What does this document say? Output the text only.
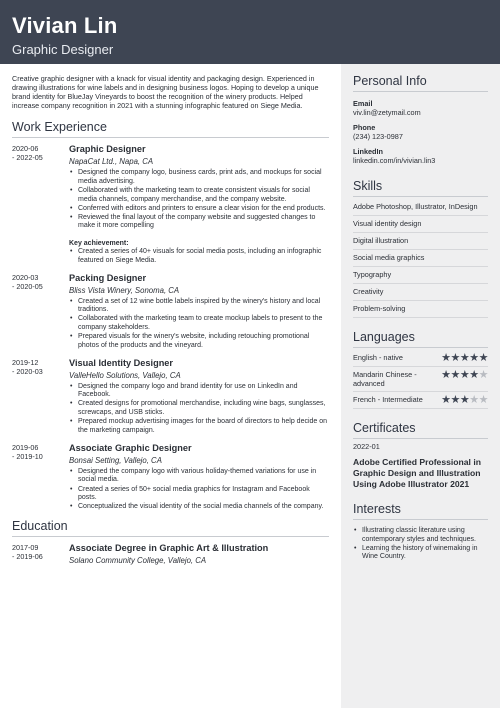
Vivian Lin
Graphic Designer

Creative graphic designer with a knack for visual identity and packaging design. Experienced in drawing illustrations for wine labels and in designing business logos. Hoping to develop a unique brand identity for BlueJay Vineyards to boost the recognition of the winery products. Helped increase company recognition in 2021 with a stunning infographic featured on Siege Media.

Work Experience
2020-06
- 2022-05
Graphic Designer
NapaCat Ltd., Napa, CA
• Designed the company logo, business cards, print ads, and mockups for social media advertising.
• Collaborated with the marketing team to create consistent visuals for social media channels, company merchandise, and the company website.
• Conferred with editors and printers to ensure a clear vision for the end products.
• Reviewed the final layout of the company website and suggested changes to make it more compelling
Key achievement:
• Created a series of 40+ visuals for social media posts, including an infographic featured on Siege Media.
2020-03
- 2020-05
Packing Designer
Bliss Vista Winery, Sonoma, CA
• Created a set of 12 wine bottle labels inspired by the winery's history and local traditions.
• Collaborated with the marketing team to create mockup labels to present to the company stakeholders.
• Prepared visuals for the winery's website, including retouching promotional photos of the products and the vineyard.
2019-12
- 2020-03
Visual Identity Designer
ValleHello Solutions, Vallejo, CA
• Designed the company logo and brand identity for use on LinkedIn and Facebook.
• Created designs for promotional merchandise, including wine bags, sunglasses, screwcaps, and USB sticks.
• Prepared mockup advertising images for the board of directors to help decide on the marketing campaign.
2019-06
- 2019-10
Associate Graphic Designer
Bonsai Setting, Vallejo, CA
• Designed the company logo with various holiday-themed variations for use in social media.
• Created a series of 50+ social media graphics for Instagram and Facebook posts.
• Conceptualized the visual identity of the social media channels of the company.
Education
2017-09
- 2019-06
Associate Degree in Graphic Art & Illustration
Solano Community College, Vallejo, CA
Personal Info
Email
viv.lin@zetymail.com
Phone
(234) 123-0987
LinkedIn
linkedin.com/in/vivian.lin3
Skills
Adobe Photoshop, Illustrator, InDesign
Visual identity design
Digital illustration
Social media graphics
Typography
Creativity
Problem-solving
Languages
English - native	★★★★★
Mandarin Chinese - advanced
★★★★★
French - Intermediate	★★★★★
Certificates
2022-01
Adobe Certified Professional in Graphic Design and Illustration Using Adobe Illustrator 2021
Interests
• Illustrating classic literature using contemporary styles and techniques.
• Learning the history of winemaking in Wine Country.
